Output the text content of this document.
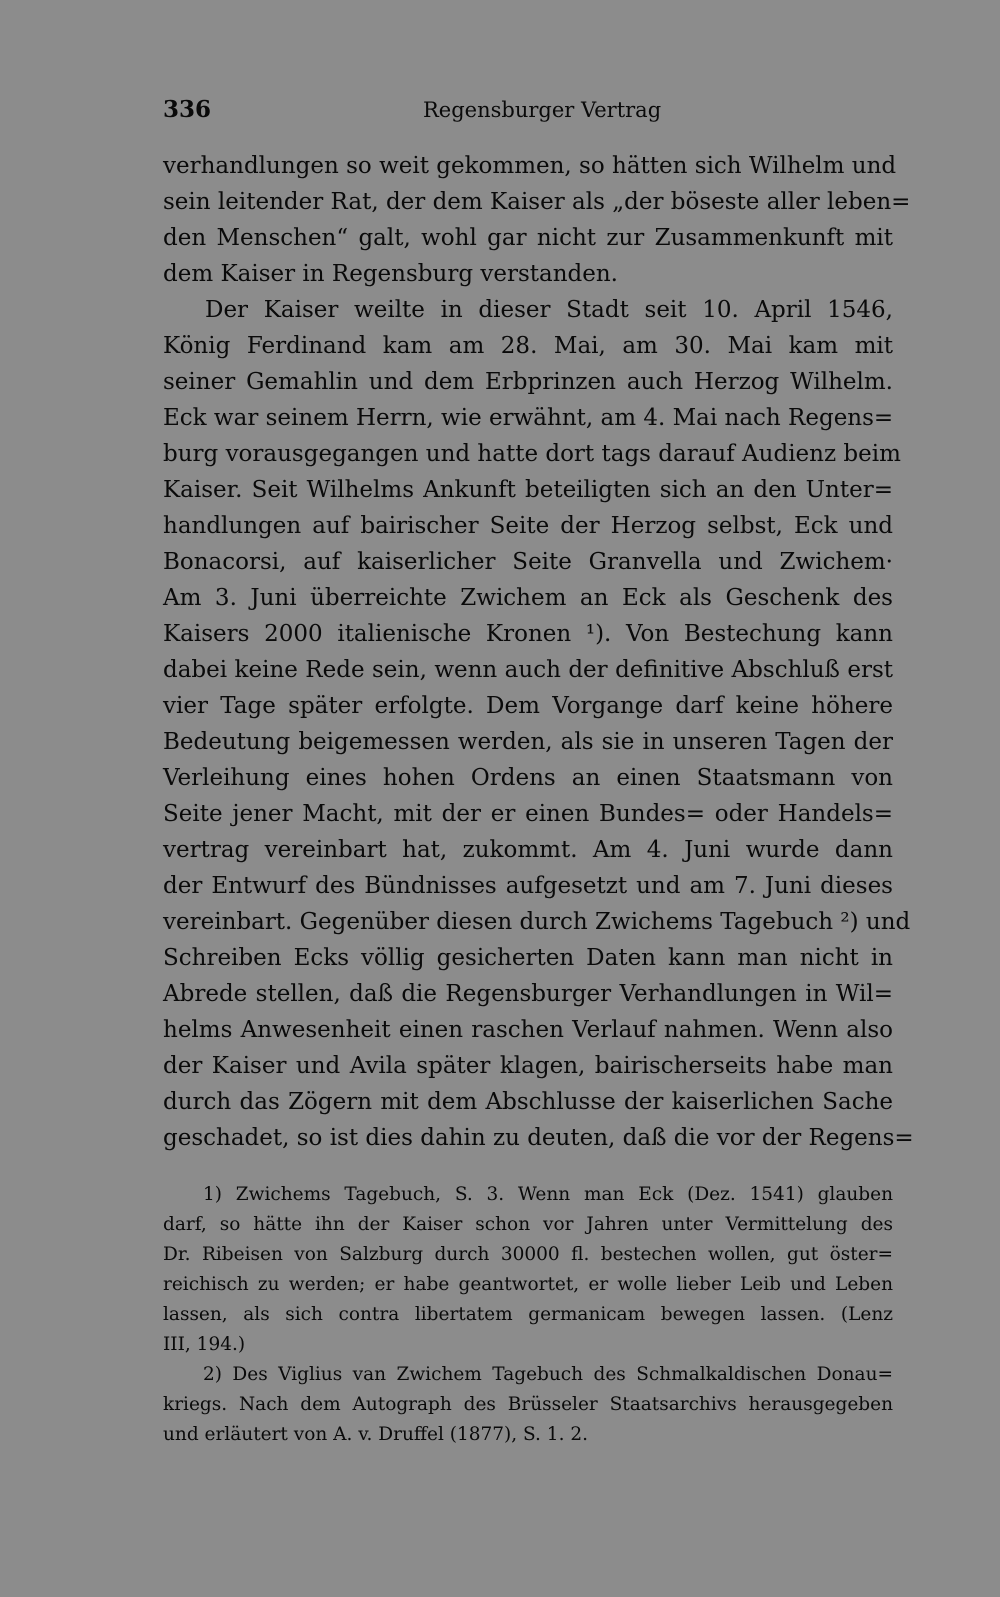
336	Regensburger Vertrag
verhandlungen so weit gekommen, so hätten sich Wilhelm und
sein leitender Rat, der dem Kaiser als „der böseste aller leben=
den Menschen“ galt, wohl gar nicht zur Zusammenkunft mit
dem Kaiser in Regensburg verstanden.
Der Kaiser weilte in dieser Stadt seit 10. April 1546,
König Ferdinand kam am 28. Mai, am 30. Mai kam mit
seiner Gemahlin und dem Erbprinzen auch Herzog Wilhelm.
Eck war seinem Herrn, wie erwähnt, am 4. Mai nach Regens=
burg vorausgegangen und hatte dort tags darauf Audienz beim
Kaiser. Seit Wilhelms Ankunft beteiligten sich an den Unter=
handlungen auf bairischer Seite der Herzog selbst, Eck und
Bonacorsi, auf kaiserlicher Seite Granvella und Zwichem·
Am 3. Juni überreichte Zwichem an Eck als Geschenk des
Kaisers 2000 italienische Kronen ¹). Von Bestechung kann
dabei keine Rede sein, wenn auch der definitive Abschluß erst
vier Tage später erfolgte. Dem Vorgange darf keine höhere
Bedeutung beigemessen werden, als sie in unseren Tagen der
Verleihung eines hohen Ordens an einen Staatsmann von
Seite jener Macht, mit der er einen Bundes= oder Handels=
vertrag vereinbart hat, zukommt. Am 4. Juni wurde dann
der Entwurf des Bündnisses aufgesetzt und am 7. Juni dieses
vereinbart. Gegenüber diesen durch Zwichems Tagebuch ²) und
Schreiben Ecks völlig gesicherten Daten kann man nicht in
Abrede stellen, daß die Regensburger Verhandlungen in Wil=
helms Anwesenheit einen raschen Verlauf nahmen. Wenn also
der Kaiser und Avila später klagen, bairischerseits habe man
durch das Zögern mit dem Abschlusse der kaiserlichen Sache
geschadet, so ist dies dahin zu deuten, daß die vor der Regens=
1) Zwichems Tagebuch, S. 3. Wenn man Eck (Dez. 1541) glauben
darf, so hätte ihn der Kaiser schon vor Jahren unter Vermittelung des
Dr. Ribeisen von Salzburg durch 30000 fl. bestechen wollen, gut öster=
reichisch zu werden; er habe geantwortet, er wolle lieber Leib und Leben
lassen, als sich contra libertatem germanicam bewegen lassen. (Lenz
III, 194.)
2) Des Viglius van Zwichem Tagebuch des Schmalkaldischen Donau=
kriegs. Nach dem Autograph des Brüsseler Staatsarchivs herausgegeben
und erläutert von A. v. Druffel (1877), S. 1. 2.
